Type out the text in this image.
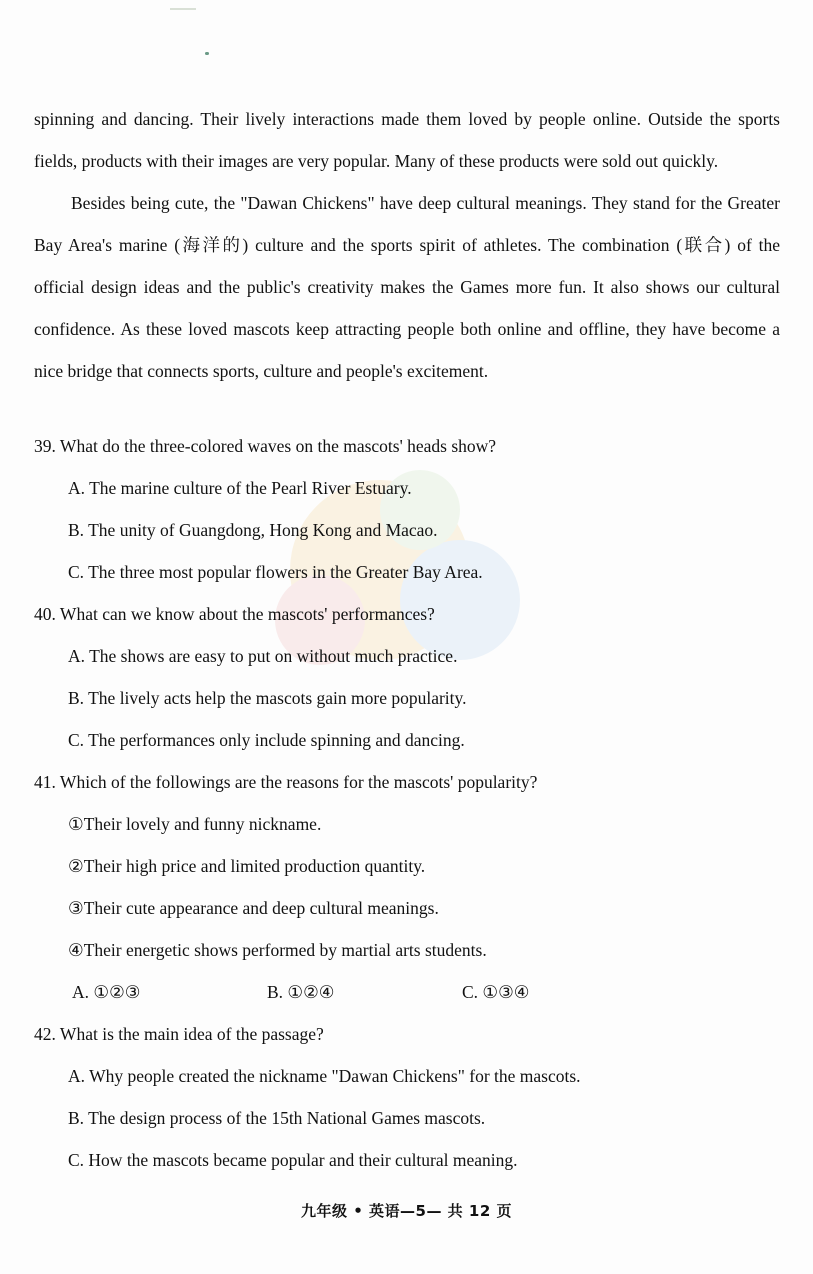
spinning and dancing. Their lively interactions made them loved by people online. Outside the sports fields, products with their images are very popular. Many of these products were sold out quickly.

Besides being cute, the "Dawan Chickens" have deep cultural meanings. They stand for the Greater Bay Area's marine (海洋的) culture and the sports spirit of athletes. The combination (联合) of the official design ideas and the public's creativity makes the Games more fun. It also shows our cultural confidence. As these loved mascots keep attracting people both online and offline, they have become a nice bridge that connects sports, culture and people's excitement.

39. What do the three-colored waves on the mascots' heads show?
A. The marine culture of the Pearl River Estuary.
B. The unity of Guangdong, Hong Kong and Macao.
C. The three most popular flowers in the Greater Bay Area.
40. What can we know about the mascots' performances?
A. The shows are easy to put on without much practice.
B. The lively acts help the mascots gain more popularity.
C. The performances only include spinning and dancing.
41. Which of the followings are the reasons for the mascots' popularity?
①Their lovely and funny nickname.
②Their high price and limited production quantity.
③Their cute appearance and deep cultural meanings.
④Their energetic shows performed by martial arts students.
A. ①②③	B. ①②④	C. ①③④
42. What is the main idea of the passage?
A. Why people created the nickname "Dawan Chickens" for the mascots.
B. The design process of the 15th National Games mascots.
C. How the mascots became popular and their cultural meaning.
九年级 • 英语—5— 共 12 页
